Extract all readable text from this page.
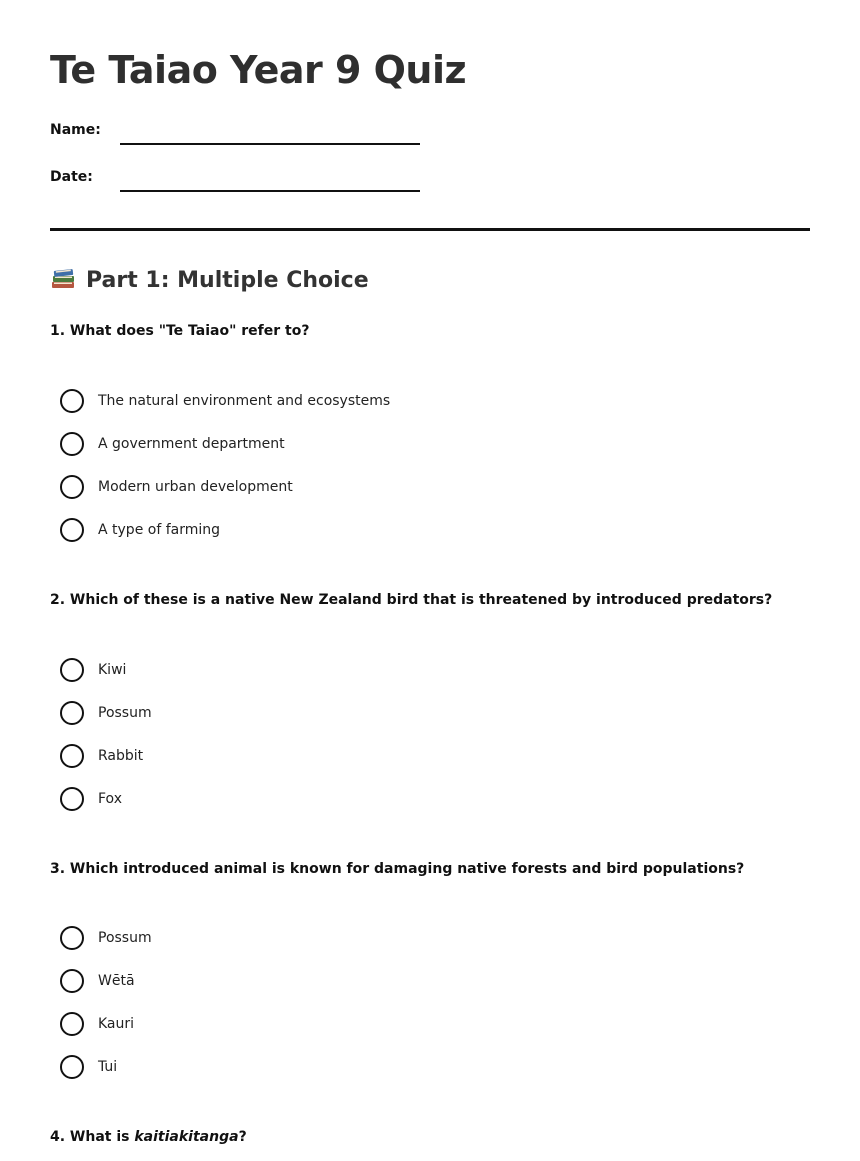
Te Taiao Year 9 Quiz
Name:
Date:
Part 1: Multiple Choice
1. What does "Te Taiao" refer to?
The natural environment and ecosystems
A government department
Modern urban development
A type of farming
2. Which of these is a native New Zealand bird that is threatened by introduced predators?
Kiwi
Possum
Rabbit
Fox
3. Which introduced animal is known for damaging native forests and bird populations?
Possum
Wētā
Kauri
Tui
4. What is kaitiakitanga?
